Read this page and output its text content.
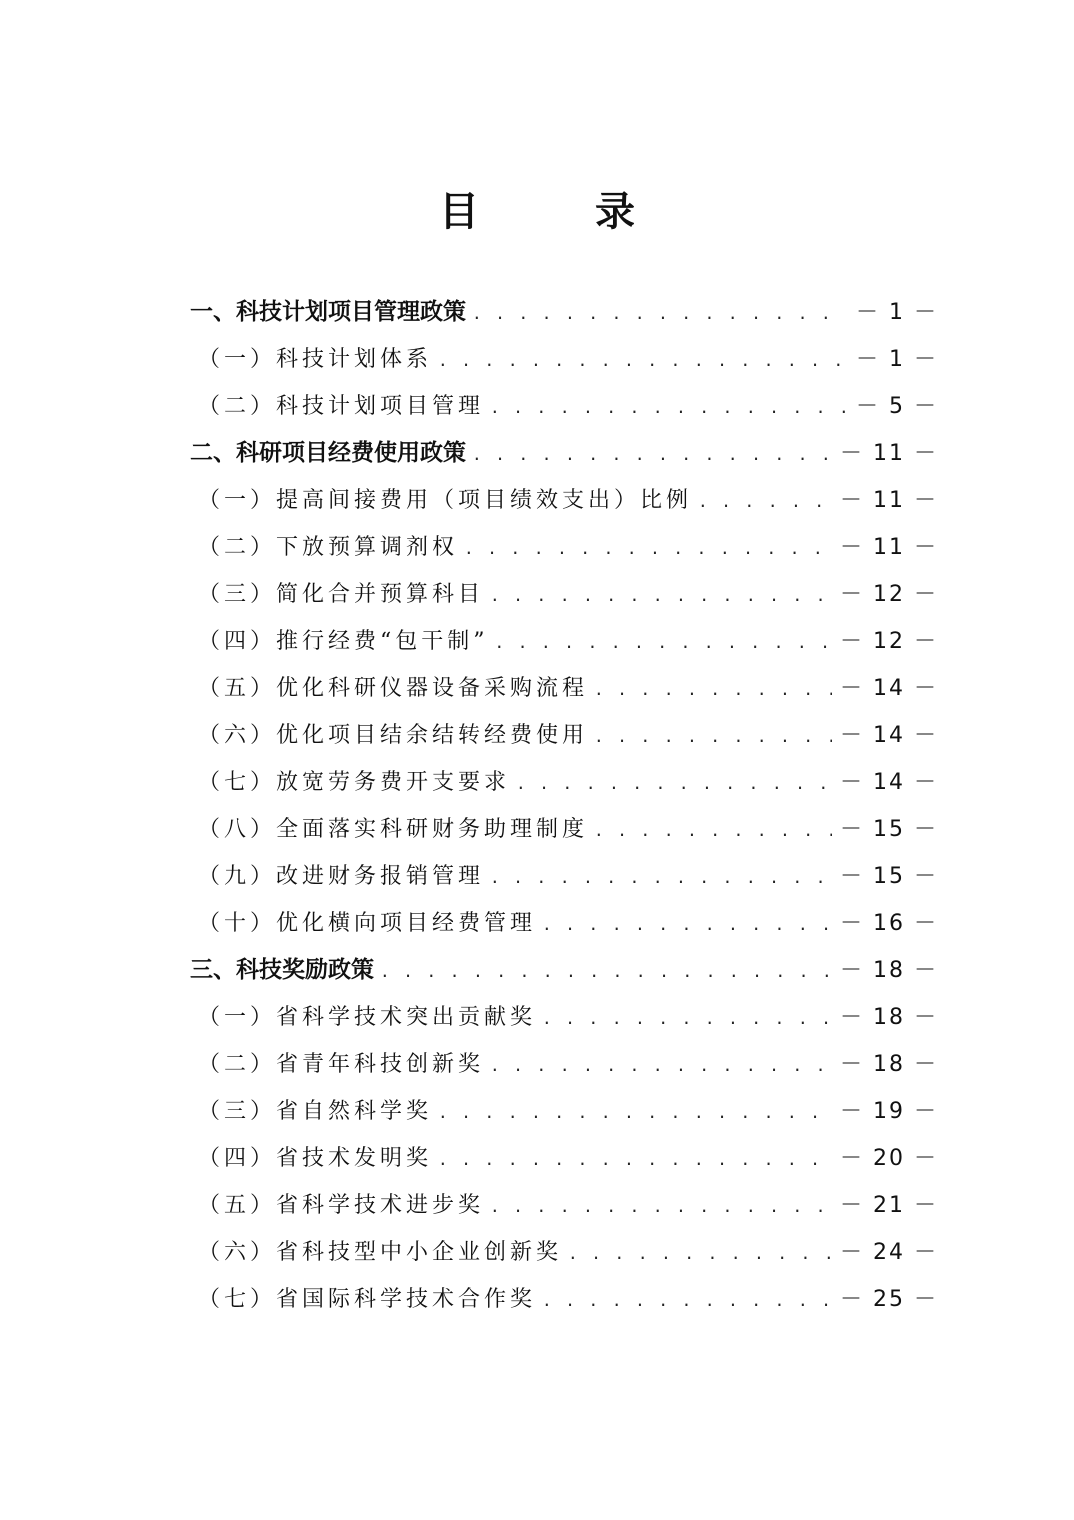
目　录
一、科技计划项目管理政策 . . .	－ 1 －
（一）科技计划体系 . . .	－ 1 －
（二）科技计划项目管理 . . .	－ 5 －
二、科研项目经费使用政策 . . .	－ 11 －
（一）提高间接费用（项目绩效支出）比例 . . .	－ 11 －
（二）下放预算调剂权 . . .	－ 11 －
（三）简化合并预算科目 . . .	－ 12 －
（四）推行经费“包干制” . . .	－ 12 －
（五）优化科研仪器设备采购流程 . . .	－ 14 －
（六）优化项目结余结转经费使用 . . .	－ 14 －
（七）放宽劳务费开支要求 . . .	－ 14 －
（八）全面落实科研财务助理制度 . . .	－ 15 －
（九）改进财务报销管理 . . .	－ 15 －
（十）优化横向项目经费管理 . . .	－ 16 －
三、科技奖励政策 . . .	－ 18 －
（一）省科学技术突出贡献奖 . . .	－ 18 －
（二）省青年科技创新奖 . . .	－ 18 －
（三）省自然科学奖 . . .	－ 19 －
（四）省技术发明奖 . . .	－ 20 －
（五）省科学技术进步奖 . . .	－ 21 －
（六）省科技型中小企业创新奖 . . .	－ 24 －
（七）省国际科学技术合作奖 . . .	－ 25 －
